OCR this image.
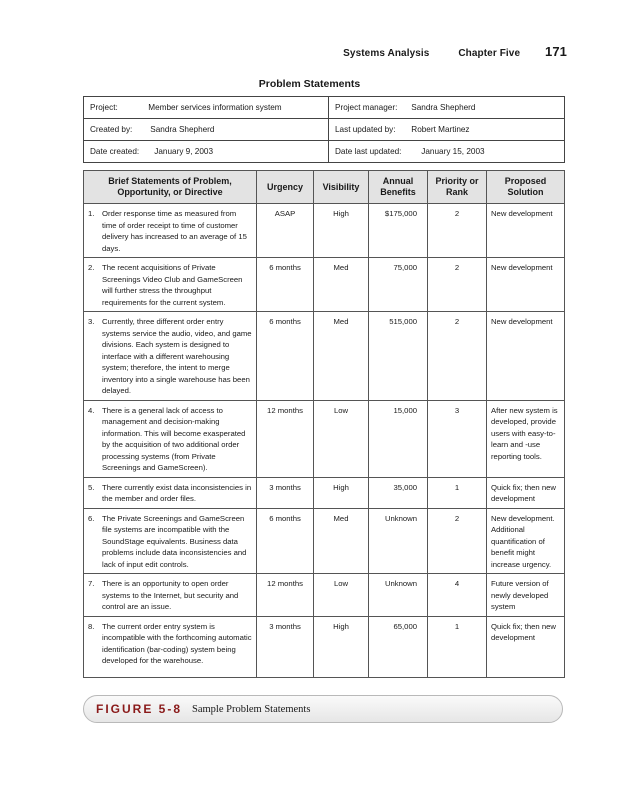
Systems Analysis	Chapter Five 171
Problem Statements
Project: Member services information system	Project manager: Sandra Shepherd
Created by: Sandra Shepherd	Last updated by: Robert Martinez
Date created: January 9, 2003	Date last updated: January 15, 2003
Brief Statements of Problem, Opportunity, or Directive	Urgency	Visibility	Annual Benefits	Priority or Rank	Proposed Solution

1. Order response time as measured from time of order receipt to time of customer delivery has increased to an average of 15 days.	ASAP	High	$175,000	2	New development

2. The recent acquisitions of Private Screenings Video Club and GameScreen will further stress the throughput requirements for the current system.	6 months	Med	75,000	2	New development

3. Currently, three different order entry systems service the audio, video, and game divisions. Each system is designed to interface with a different warehousing system; therefore, the intent to merge inventory into a single warehouse has been delayed.	6 months	Med	515,000	2	New development

4. There is a general lack of access to management and decision-making information. This will become exasperated by the acquisition of two additional order processing systems (from Private Screenings and GameScreen).	12 months	Low	15,000	3	After new system is developed, provide users with easy-to-learn and -use reporting tools.

5. There currently exist data inconsistencies in the member and order files.	3 months	High	35,000	1	Quick fix; then new development

6. The Private Screenings and GameScreen file systems are incompatible with the SoundStage equivalents. Business data problems include data inconsistencies and lack of input edit controls.	6 months	Med	Unknown	2	New development. Additional quantification of benefit might increase urgency.

7. There is an opportunity to open order systems to the Internet, but security and control are an issue.	12 months	Low	Unknown	4	Future version of newly developed system

8. The current order entry system is incompatible with the forthcoming automatic identification (bar-coding) system being developed for the warehouse.	3 months	High	65,000	1	Quick fix; then new development
FIGURE 5-8 Sample Problem Statements
